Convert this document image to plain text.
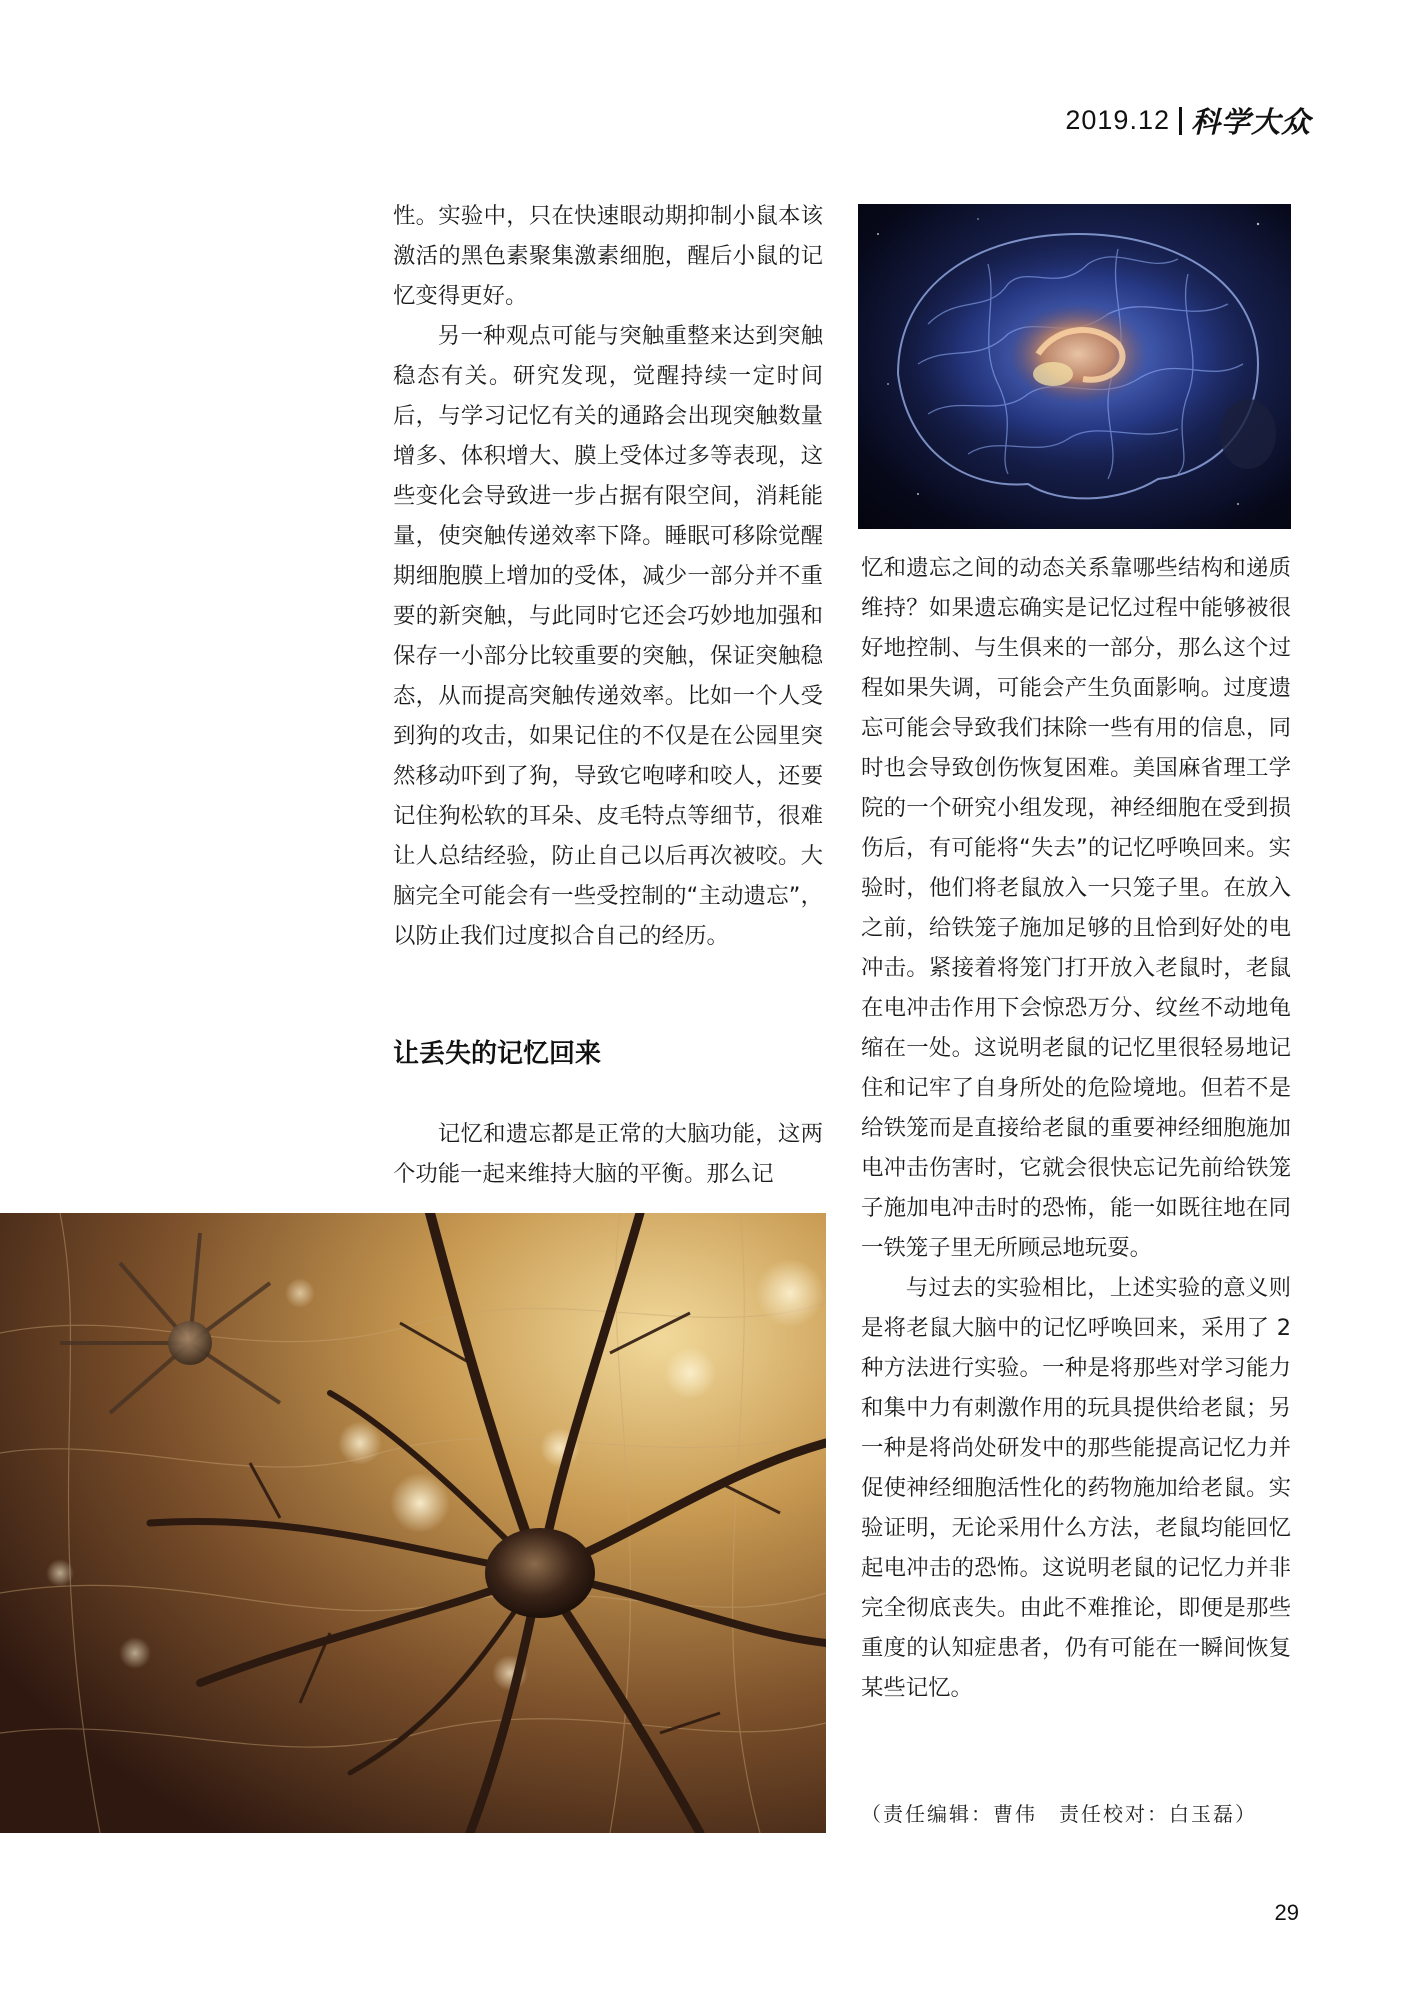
2019.12 科学大众

性。实验中，只在快速眼动期抑制小鼠本该激活的黑色素聚集激素细胞，醒后小鼠的记忆变得更好。

另一种观点可能与突触重整来达到突触稳态有关。研究发现，觉醒持续一定时间后，与学习记忆有关的通路会出现突触数量增多、体积增大、膜上受体过多等表现，这些变化会导致进一步占据有限空间，消耗能量，使突触传递效率下降。睡眠可移除觉醒期细胞膜上增加的受体，减少一部分并不重要的新突触，与此同时它还会巧妙地加强和保存一小部分比较重要的突触，保证突触稳态，从而提高突触传递效率。比如一个人受到狗的攻击，如果记住的不仅是在公园里突然移动吓到了狗，导致它咆哮和咬人，还要记住狗松软的耳朵、皮毛特点等细节，很难让人总结经验，防止自己以后再次被咬。大脑完全可能会有一些受控制的“主动遗忘”，以防止我们过度拟合自己的经历。

让丢失的记忆回来

记忆和遗忘都是正常的大脑功能，这两个功能一起来维持大脑的平衡。那么记

忆和遗忘之间的动态关系靠哪些结构和递质维持？如果遗忘确实是记忆过程中能够被很好地控制、与生俱来的一部分，那么这个过程如果失调，可能会产生负面影响。过度遗忘可能会导致我们抹除一些有用的信息，同时也会导致创伤恢复困难。美国麻省理工学院的一个研究小组发现，神经细胞在受到损伤后，有可能将“失去”的记忆呼唤回来。实验时，他们将老鼠放入一只笼子里。在放入之前，给铁笼子施加足够的且恰到好处的电冲击。紧接着将笼门打开放入老鼠时，老鼠在电冲击作用下会惊恐万分、纹丝不动地龟缩在一处。这说明老鼠的记忆里很轻易地记住和记牢了自身所处的危险境地。但若不是给铁笼而是直接给老鼠的重要神经细胞施加电冲击伤害时，它就会很快忘记先前给铁笼子施加电冲击时的恐怖，能一如既往地在同一铁笼子里无所顾忌地玩耍。

与过去的实验相比，上述实验的意义则是将老鼠大脑中的记忆呼唤回来，采用了 2 种方法进行实验。一种是将那些对学习能力和集中力有刺激作用的玩具提供给老鼠；另一种是将尚处研发中的那些能提高记忆力并促使神经细胞活性化的药物施加给老鼠。实验证明，无论采用什么方法，老鼠均能回忆起电冲击的恐怖。这说明老鼠的记忆力并非完全彻底丧失。由此不难推论，即便是那些重度的认知症患者，仍有可能在一瞬间恢复某些记忆。

（责任编辑：曹伟　责任校对：白玉磊）
29
